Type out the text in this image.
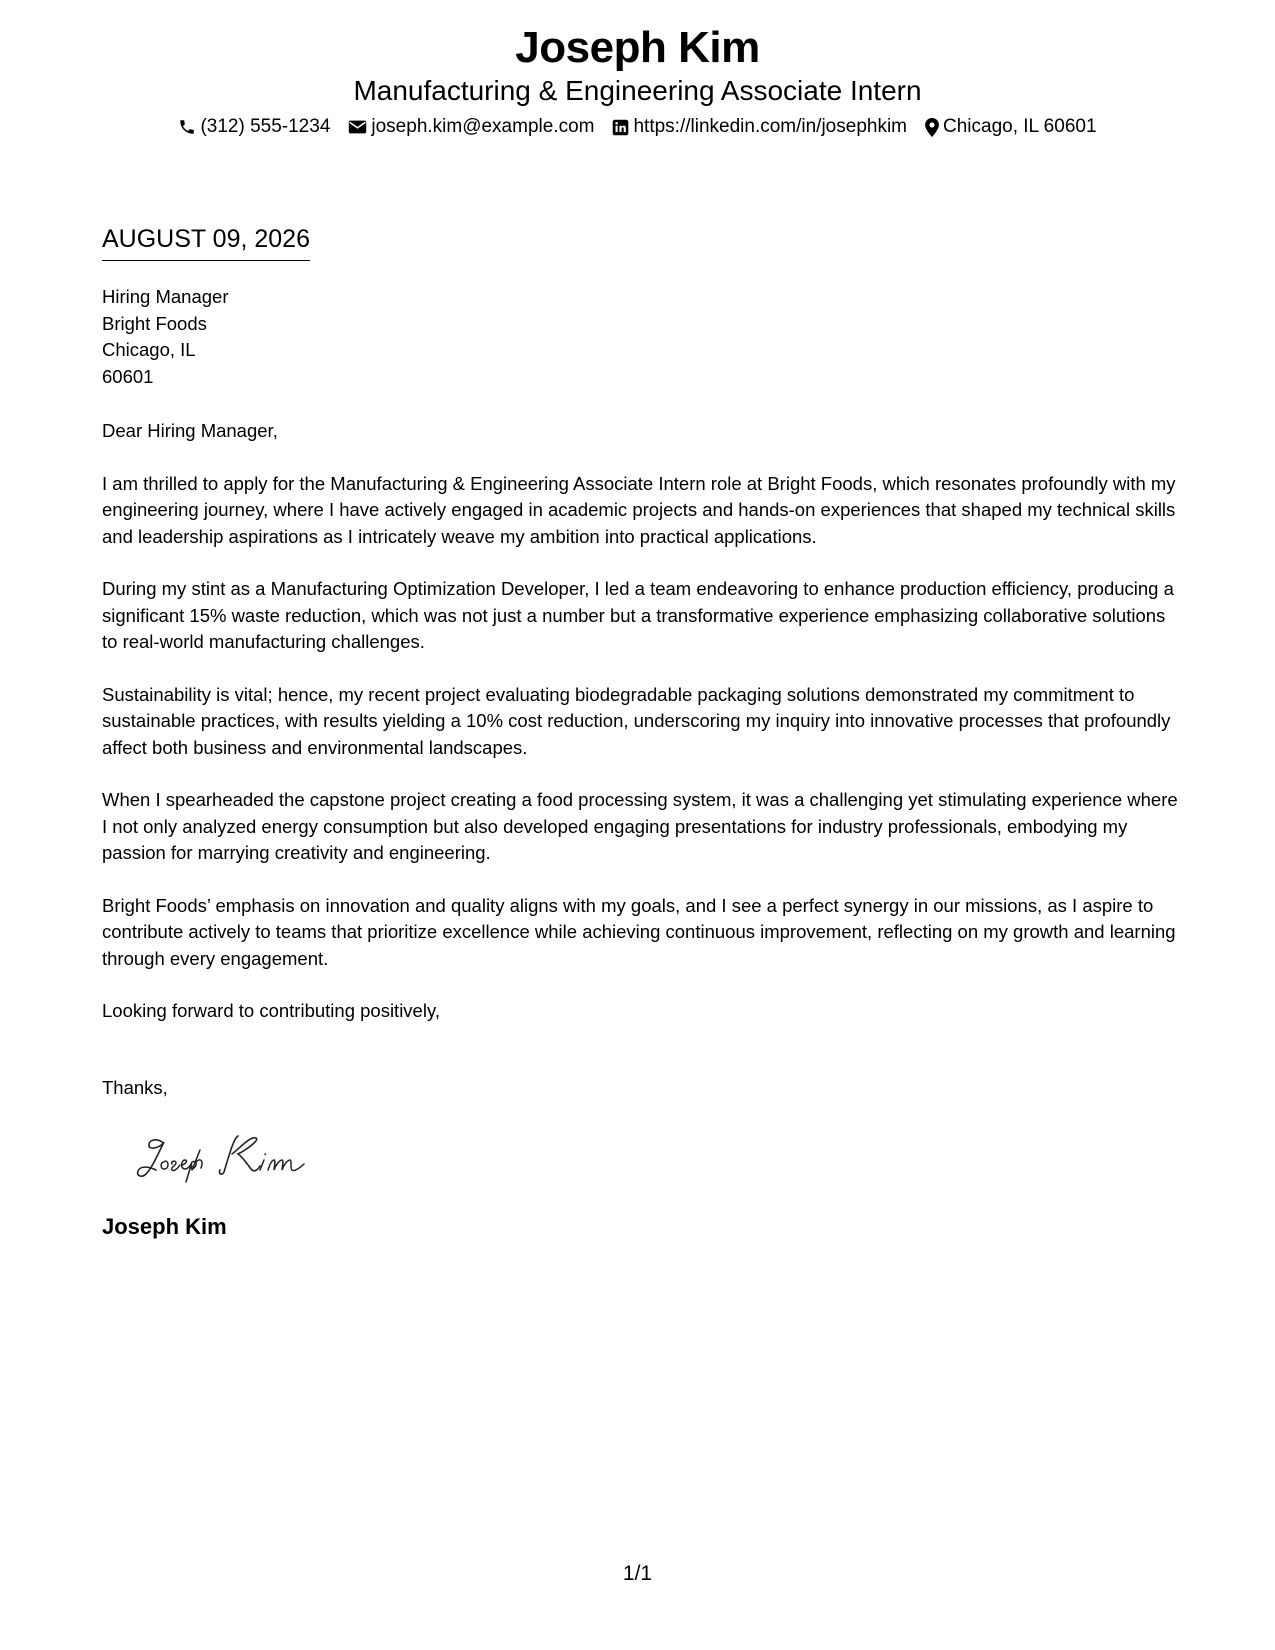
Joseph Kim
Manufacturing & Engineering Associate Intern
(312) 555-1234 joseph.kim@example.com https://linkedin.com/in/josephkim Chicago, IL 60601
AUGUST 09, 2026
Hiring Manager
Bright Foods
Chicago, IL
60601

Dear Hiring Manager,

I am thrilled to apply for the Manufacturing & Engineering Associate Intern role at Bright Foods, which resonates profoundly with my engineering journey, where I have actively engaged in academic projects and hands-on experiences that shaped my technical skills and leadership aspirations as I intricately weave my ambition into practical applications.

During my stint as a Manufacturing Optimization Developer, I led a team endeavoring to enhance production efficiency, producing a significant 15% waste reduction, which was not just a number but a transformative experience emphasizing collaborative solutions to real-world manufacturing challenges.

Sustainability is vital; hence, my recent project evaluating biodegradable packaging solutions demonstrated my commitment to sustainable practices, with results yielding a 10% cost reduction, underscoring my inquiry into innovative processes that profoundly affect both business and environmental landscapes.

When I spearheaded the capstone project creating a food processing system, it was a challenging yet stimulating experience where I not only analyzed energy consumption but also developed engaging presentations for industry professionals, embodying my passion for marrying creativity and engineering.

Bright Foods’ emphasis on innovation and quality aligns with my goals, and I see a perfect synergy in our missions, as I aspire to contribute actively to teams that prioritize excellence while achieving continuous improvement, reflecting on my growth and learning through every engagement.

Looking forward to contributing positively,

Thanks,
Joseph Kim
1/1
